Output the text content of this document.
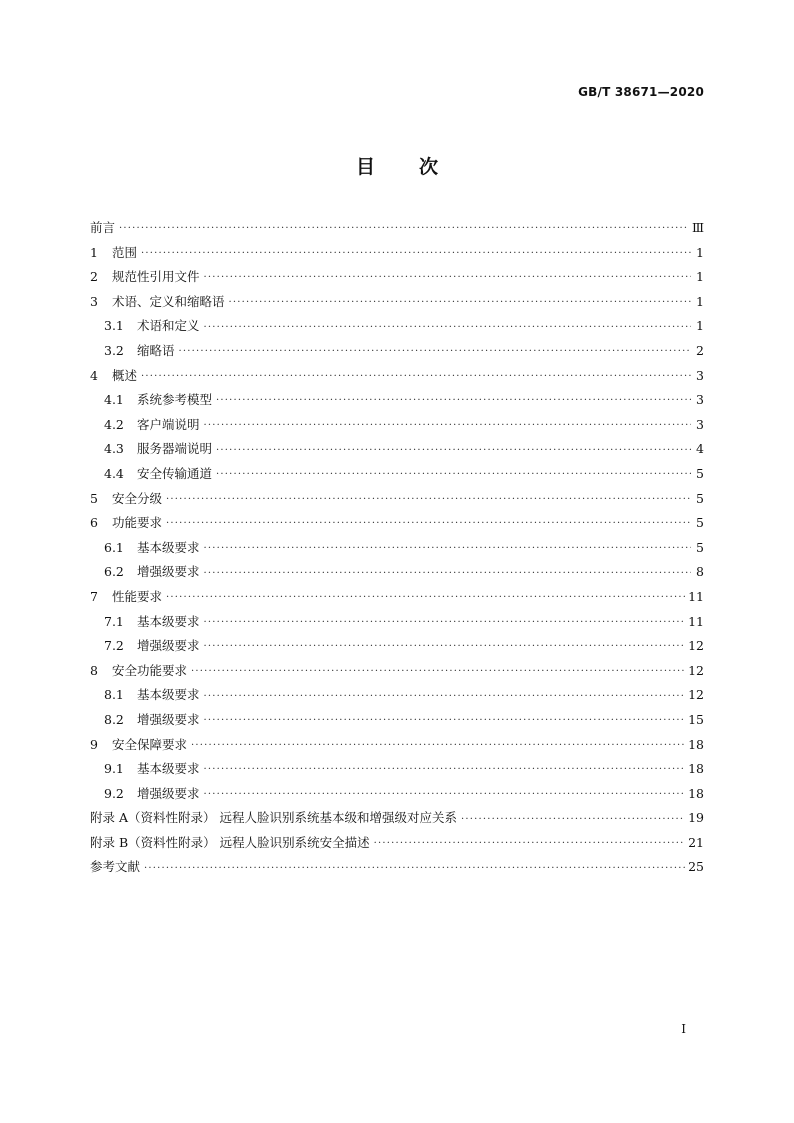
GB/T 38671—2020
目 次
前言 ·····	Ⅲ
1	范围 ·····	1
2	规范性引用文件 ·····	1
3	术语、定义和缩略语 ·····	1
3.1	术语和定义 ·····	1
3.2	缩略语 ·····	2
4	概述 ·····	3
4.1	系统参考模型 ·····	3
4.2	客户端说明 ·····	3
4.3	服务器端说明 ·····	4
4.4	安全传输通道 ·····	5
5	安全分级 ·····	5
6	功能要求 ·····	5
6.1	基本级要求 ·····	5
6.2	增强级要求 ·····	8
7	性能要求 ·····	11
7.1	基本级要求 ·····	11
7.2	增强级要求 ·····	12
8	安全功能要求 ·····	12
8.1	基本级要求 ·····	12
8.2	增强级要求 ·····	15
9	安全保障要求 ·····	18
9.1	基本级要求 ·····	18
9.2	增强级要求 ·····	18
附录 A（资料性附录） 远程人脸识别系统基本级和增强级对应关系 ·····	19
附录 B（资料性附录） 远程人脸识别系统安全描述 ·····	21
参考文献 ·····	25
Ⅰ
